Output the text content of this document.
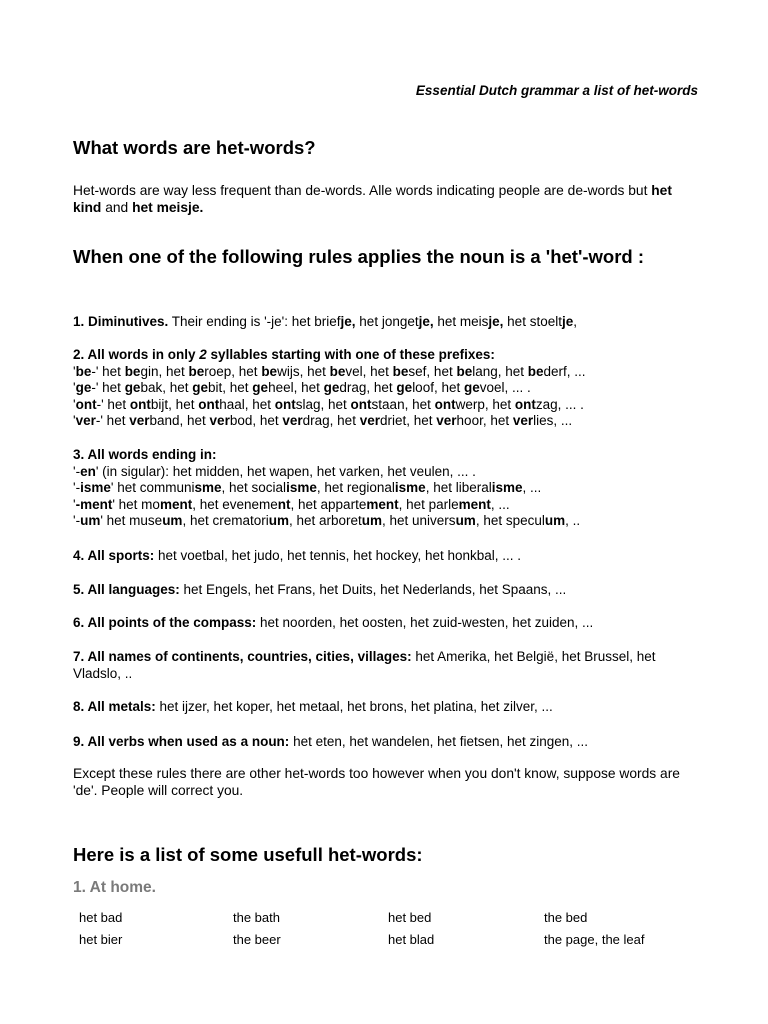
Essential Dutch grammar a list of het-words
What words are het-words?
Het-words are way less frequent than de-words. Alle words indicating people are de-words but het kind and het meisje.
When one of the following rules applies the noun is a 'het'-word :
1. Diminutives. Their ending is '-je': het briefje, het jongetje, het meisje, het stoeltje,
2. All words in only 2 syllables starting with one of these prefixes:
'be-' het begin, het beroep, het bewijs, het bevel, het besef, het belang, het bederf, ...
'ge-' het gebak, het gebit, het geheel, het gedrag, het geloof, het gevoel, ... .
'ont-' het ontbijt, het onthaal, het ontslag, het ontstaan, het ontwerp, het ontzag, ... .
'ver-' het verband, het verbod, het verdrag, het verdriet, het verhoor, het verlies, ...
3. All words ending in:
'-en' (in sigular): het midden, het wapen, het varken, het veulen, ... .
'-isme' het communisme, het socialisme, het regionalisme, het liberalisme, ...
'-ment' het moment, het evenement, het appartement, het parlement, ...
'-um' het museum, het crematorium, het arboretum, het universum, het speculum, ..
4. All sports: het voetbal, het judo, het tennis, het hockey, het honkbal, ... .
5. All languages: het Engels, het Frans, het Duits, het Nederlands, het Spaans, ...
6. All points of the compass: het noorden, het oosten, het zuid-westen, het zuiden, ...
7. All names of continents, countries, cities, villages: het Amerika, het België, het Brussel, het Vladslo, ..
8. All metals: het ijzer, het koper, het metaal, het brons, het platina, het zilver, ...
9. All verbs when used as a noun: het eten, het wandelen, het fietsen, het zingen, ...
Except these rules there are other het-words too however when you don't know, suppose words are 'de'. People will correct you.
Here is a list of some usefull het-words:
1. At home.
het bad	the bath	het bed	the bed
het bier	the beer	het blad	the page, the leaf
